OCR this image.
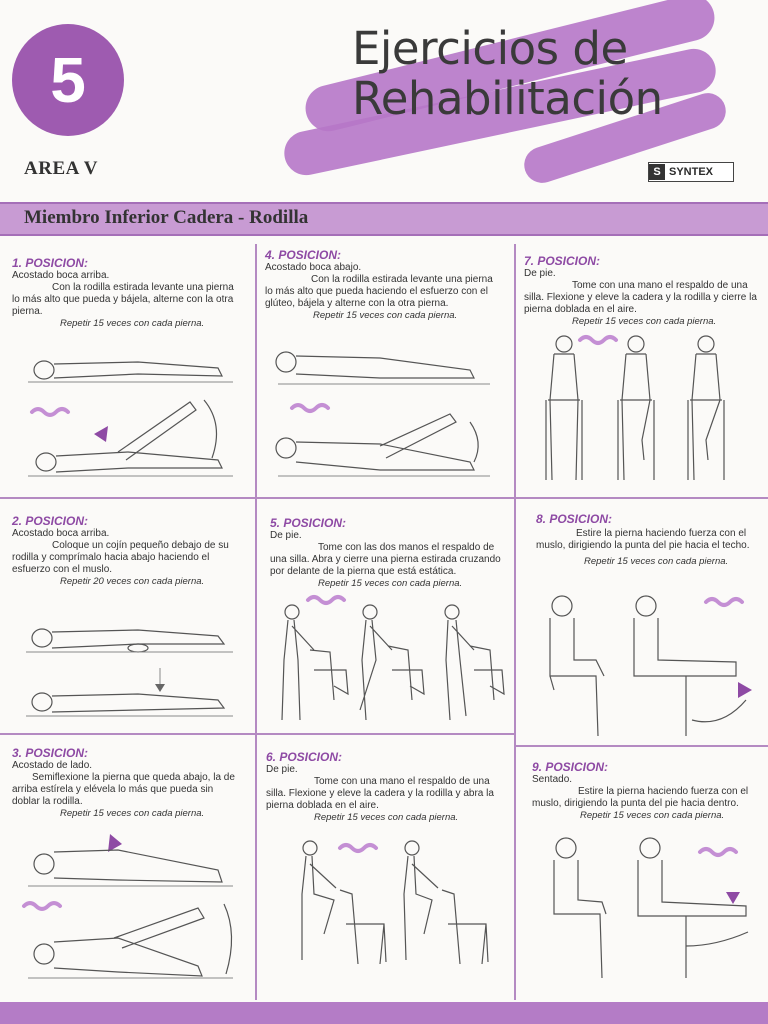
5
AREA V
Ejercicios de
Rehabilitación
S SYNTEX
Miembro Inferior Cadera - Rodilla
1. POSICION:
Acostado boca arriba.
Con la rodilla estirada levante una pierna lo más alto que pueda y bájela, alterne con la otra pierna.
Repetir 15 veces con cada pierna.
2. POSICION:
Acostado boca arriba.
Coloque un cojín pequeño debajo de su rodilla y comprímalo hacia abajo haciendo el esfuerzo con el muslo.
Repetir 20 veces con cada pierna.
3. POSICION:
Acostado de lado.
Semiflexione la pierna que queda abajo, la de arriba estírela y elévela lo más que pueda sin doblar la rodilla.
Repetir 15 veces con cada pierna.
4. POSICION:
Acostado boca abajo.
Con la rodilla estirada levante una pierna lo más alto que pueda haciendo el esfuerzo con el glúteo, bájela y alterne con la otra pierna.
Repetir 15 veces con cada pierna.
5. POSICION:
De pie.
Tome con las dos manos el respaldo de una silla. Abra y cierre una pierna estirada cruzando por delante de la pierna que está estática.
Repetir 15 veces con cada pierna.
6. POSICION:
De pie.
Tome con una mano el respaldo de una silla. Flexione y eleve la cadera y la rodilla y abra la pierna doblada en el aire.
Repetir 15 veces con cada pierna.
7. POSICION:
De pie.
Tome con una mano el respaldo de una silla. Flexione y eleve la cadera y la rodilla y cierre la pierna doblada en el aire.
Repetir 15 veces con cada pierna.
8. POSICION:
Estire la pierna haciendo fuerza con el muslo, dirigiendo la punta del pie hacia el techo.
Repetir 15 veces con cada pierna.
9. POSICION:
Sentado.
Estire la pierna haciendo fuerza con el muslo, dirigiendo la punta del pie hacia dentro.
Repetir 15 veces con cada pierna.
